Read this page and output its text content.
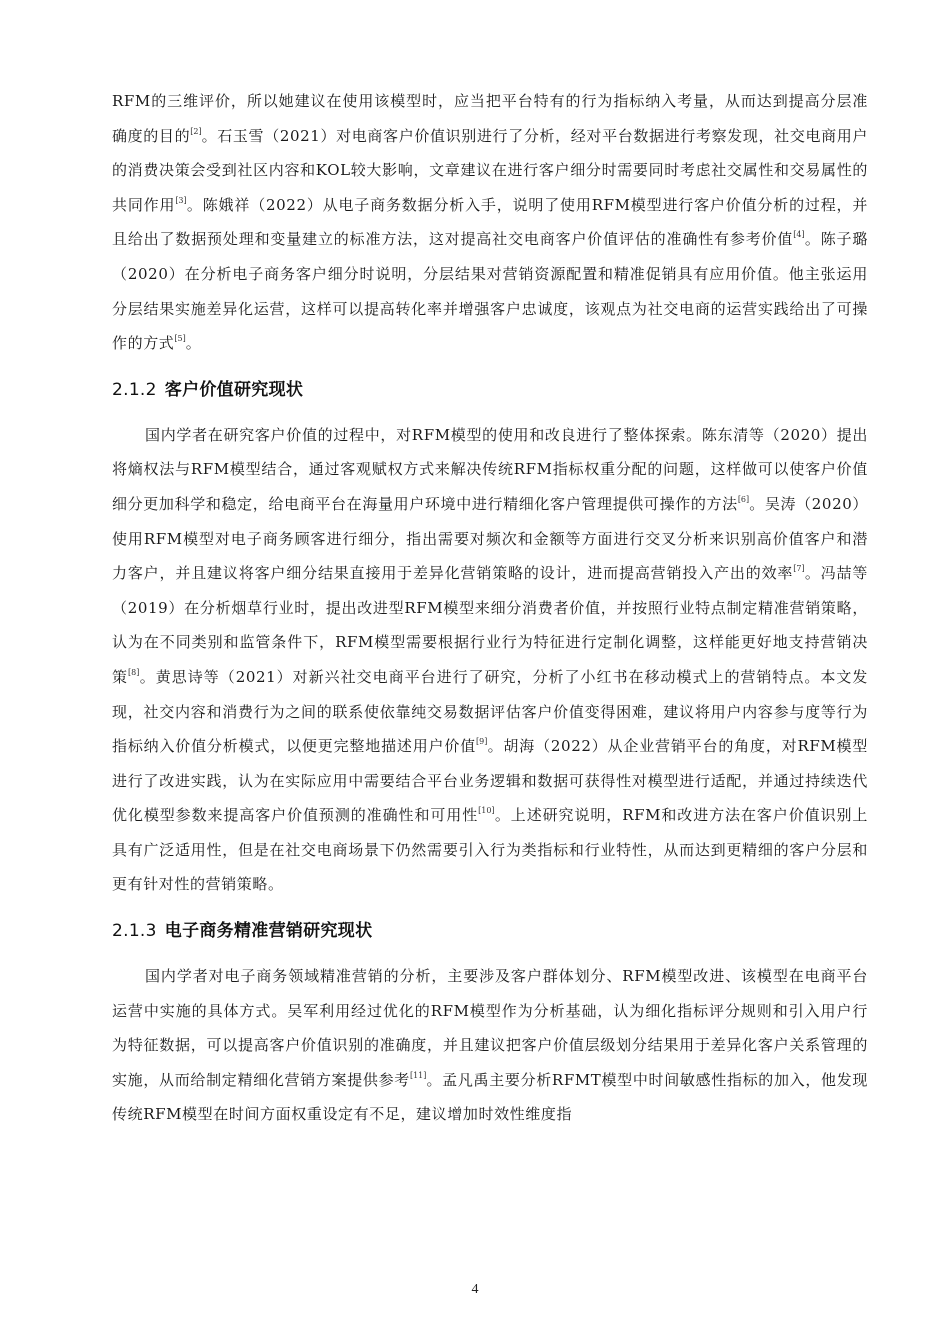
RFM的三维评价，所以她建议在使用该模型时，应当把平台特有的行为指标纳入考量，从而达到提高分层准确度的目的[2]。石玉雪（2021）对电商客户价值识别进行了分析，经对平台数据进行考察发现，社交电商用户的消费决策会受到社区内容和KOL较大影响，文章建议在进行客户细分时需要同时考虑社交属性和交易属性的共同作用[3]。陈娥祥（2022）从电子商务数据分析入手，说明了使用RFM模型进行客户价值分析的过程，并且给出了数据预处理和变量建立的标准方法，这对提高社交电商客户价值评估的准确性有参考价值[4]。陈子璐（2020）在分析电子商务客户细分时说明，分层结果对营销资源配置和精准促销具有应用价值。他主张运用分层结果实施差异化运营，这样可以提高转化率并增强客户忠诚度，该观点为社交电商的运营实践给出了可操作的方式[5]。

2.1.2 客户价值研究现状

国内学者在研究客户价值的过程中，对RFM模型的使用和改良进行了整体探索。陈东清等（2020）提出将熵权法与RFM模型结合，通过客观赋权方式来解决传统RFM指标权重分配的问题，这样做可以使客户价值细分更加科学和稳定，给电商平台在海量用户环境中进行精细化客户管理提供可操作的方法[6]。吴涛（2020）使用RFM模型对电子商务顾客进行细分，指出需要对频次和金额等方面进行交叉分析来识别高价值客户和潜力客户，并且建议将客户细分结果直接用于差异化营销策略的设计，进而提高营销投入产出的效率[7]。冯喆等（2019）在分析烟草行业时，提出改进型RFM模型来细分消费者价值，并按照行业特点制定精准营销策略，认为在不同类别和监管条件下，RFM模型需要根据行业行为特征进行定制化调整，这样能更好地支持营销决策[8]。黄思诗等（2021）对新兴社交电商平台进行了研究，分析了小红书在移动模式上的营销特点。本文发现，社交内容和消费行为之间的联系使依靠纯交易数据评估客户价值变得困难，建议将用户内容参与度等行为指标纳入价值分析模式，以便更完整地描述用户价值[9]。胡海（2022）从企业营销平台的角度，对RFM模型进行了改进实践，认为在实际应用中需要结合平台业务逻辑和数据可获得性对模型进行适配，并通过持续迭代优化模型参数来提高客户价值预测的准确性和可用性[10]。上述研究说明，RFM和改进方法在客户价值识别上具有广泛适用性，但是在社交电商场景下仍然需要引入行为类指标和行业特性，从而达到更精细的客户分层和更有针对性的营销策略。

2.1.3 电子商务精准营销研究现状

国内学者对电子商务领域精准营销的分析，主要涉及客户群体划分、RFM模型改进、该模型在电商平台运营中实施的具体方式。吴军利用经过优化的RFM模型作为分析基础，认为细化指标评分规则和引入用户行为特征数据，可以提高客户价值识别的准确度，并且建议把客户价值层级划分结果用于差异化客户关系管理的实施，从而给制定精细化营销方案提供参考[11]。孟凡禹主要分析RFMT模型中时间敏感性指标的加入，他发现传统RFM模型在时间方面权重设定有不足，建议增加时效性维度指

4
